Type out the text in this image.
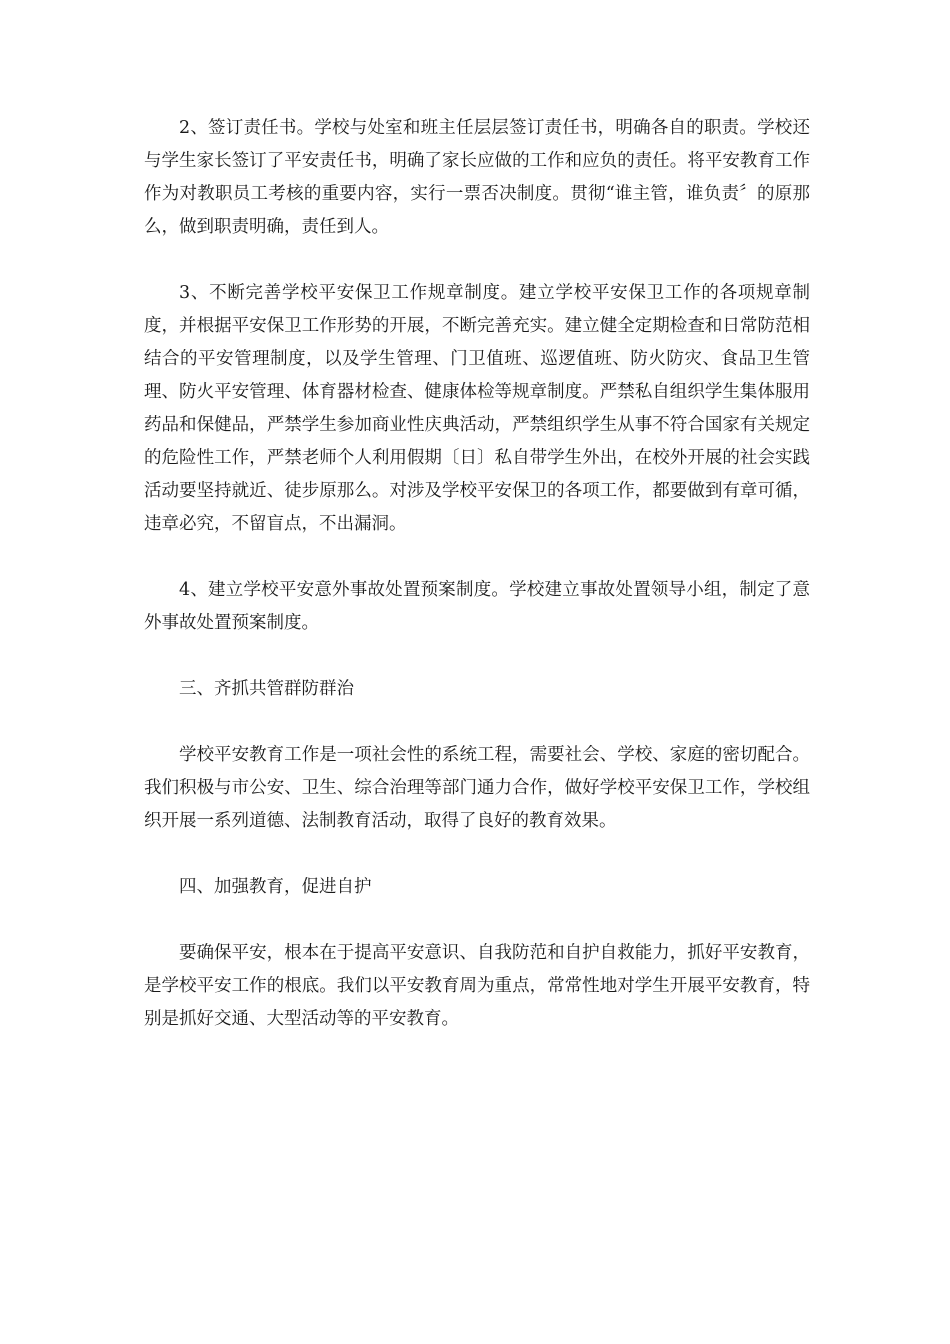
2、签订责任书。学校与处室和班主任层层签订责任书，明确各自的职责。学校还与学生家长签订了平安责任书，明确了家长应做的工作和应负的责任。将平安教育工作作为对教职员工考核的重要内容，实行一票否决制度。贯彻“谁主管，谁负责〞的原那么，做到职责明确，责任到人。

3、不断完善学校平安保卫工作规章制度。建立学校平安保卫工作的各项规章制度，并根据平安保卫工作形势的开展，不断完善充实。建立健全定期检查和日常防范相结合的平安管理制度，以及学生管理、门卫值班、巡逻值班、防火防灾、食品卫生管理、防火平安管理、体育器材检查、健康体检等规章制度。严禁私自组织学生集体服用药品和保健品，严禁学生参加商业性庆典活动，严禁组织学生从事不符合国家有关规定的危险性工作，严禁老师个人利用假期〔日〕私自带学生外出，在校外开展的社会实践活动要坚持就近、徒步原那么。对涉及学校平安保卫的各项工作，都要做到有章可循，违章必究，不留盲点，不出漏洞。

4、建立学校平安意外事故处置预案制度。学校建立事故处置领导小组，制定了意外事故处置预案制度。

三、齐抓共管群防群治

学校平安教育工作是一项社会性的系统工程，需要社会、学校、家庭的密切配合。我们积极与市公安、卫生、综合治理等部门通力合作，做好学校平安保卫工作，学校组织开展一系列道德、法制教育活动，取得了良好的教育效果。

四、加强教育，促进自护

要确保平安，根本在于提高平安意识、自我防范和自护自救能力，抓好平安教育，是学校平安工作的根底。我们以平安教育周为重点，常常性地对学生开展平安教育，特别是抓好交通、大型活动等的平安教育。
